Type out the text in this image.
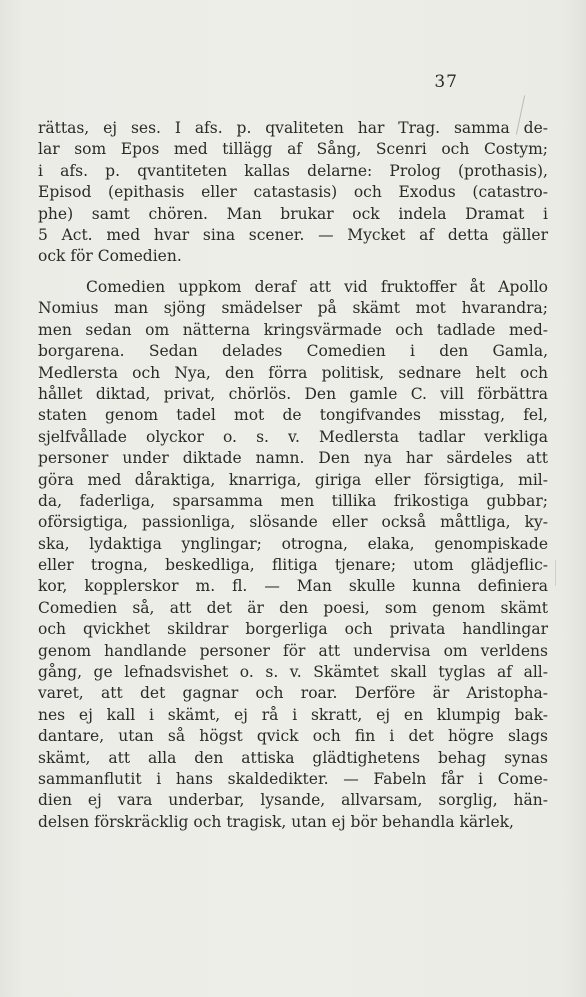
37
rättas, ej ses. I afs. p. qvaliteten har Trag. samma de-
lar som Epos med tillägg af Sång, Scenri och Costym;
i afs. p. qvantiteten kallas delarne: Prolog (prothasis),
Episod (epithasis eller catastasis) och Exodus (catastro-
phe) samt chören. Man brukar ock indela Dramat i
5 Act. med hvar sina scener. — Mycket af detta gäller
ock för Comedien.
Comedien uppkom deraf att vid fruktoffer åt Apollo
Nomius man sjöng smädelser på skämt mot hvarandra;
men sedan om nätterna kringsvärmade och tadlade med-
borgarena. Sedan delades Comedien i den Gamla,
Medlersta och Nya, den förra politisk, sednare helt och
hållet diktad, privat, chörlös. Den gamle C. vill förbättra
staten genom tadel mot de tongifvandes misstag, fel,
sjelfvållade olyckor o. s. v. Medlersta tadlar verkliga
personer under diktade namn. Den nya har särdeles att
göra med dåraktiga, knarriga, giriga eller försigtiga, mil-
da, faderliga, sparsamma men tillika frikostiga gubbar;
oförsigtiga, passionliga, slösande eller också måttliga, ky-
ska, lydaktiga ynglingar; otrogna, elaka, genompiskade
eller trogna, beskedliga, flitiga tjenare; utom glädjeflic-
kor, kopplerskor m. fl. — Man skulle kunna definiera
Comedien så, att det är den poesi, som genom skämt
och qvickhet skildrar borgerliga och privata handlingar
genom handlande personer för att undervisa om verldens
gång, ge lefnadsvishet o. s. v. Skämtet skall tyglas af all-
varet, att det gagnar och roar. Derföre är Aristopha-
nes ej kall i skämt, ej rå i skratt, ej en klumpig bak-
dantare, utan så högst qvick och fin i det högre slags
skämt, att alla den attiska glädtighetens behag synas
sammanflutit i hans skaldedikter. — Fabeln får i Come-
dien ej vara underbar, lysande, allvarsam, sorglig, hän-
delsen förskräcklig och tragisk, utan ej bör behandla kärlek,
